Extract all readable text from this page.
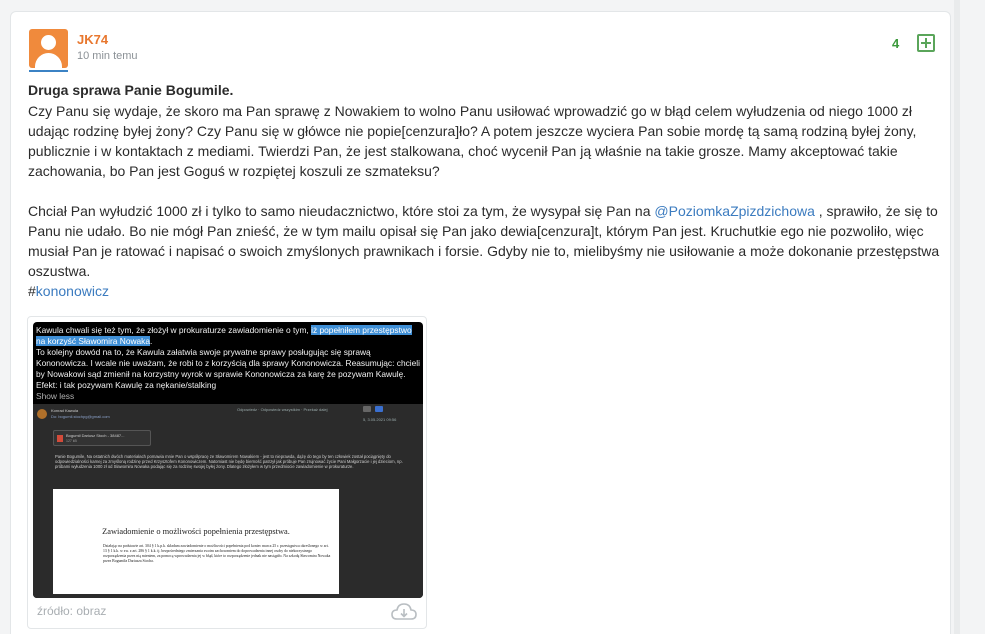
JK74
10 min temu
4
Druga sprawa Panie Bogumile.

Czy Panu się wydaje, że skoro ma Pan sprawę z Nowakiem to wolno Panu usiłować wprowadzić go w błąd celem wyłudzenia od niego 1000 zł udając rodzinę byłej żony? Czy Panu się w główce nie popie[cenzura]ło? A potem jeszcze wyciera Pan sobie mordę tą samą rodziną byłej żony, publicznie i w kontaktach z mediami. Twierdzi Pan, że jest stalkowana, choć wycenił Pan ją właśnie na takie grosze. Mamy akceptować takie zachowania, bo Pan jest Goguś w rozpiętej koszuli ze szmateksu?

Chciał Pan wyłudzić 1000 zł i tylko to samo nieudacznictwo, które stoi za tym, że wysypał się Pan na @PoziomkaZpizdzichowa , sprawiło, że się to Panu nie udało. Bo nie mógł Pan znieść, że w tym mailu opisał się Pan jako dewia[cenzura]t, którym Pan jest. Kruchutkie ego nie pozwoliło, więc musiał Pan je ratować i napisać o swoich zmyślonych prawnikach i forsie. Gdyby nie to, mielibyśmy nie usiłowanie a może dokonanie przestępstwa oszustwa.

#kononowicz

Kawula chwali się też tym, że złożył w prokuraturze zawiadomienie o tym, iż popełniłem przestępstwo na korzyść Sławomira Nowaka.
To kolejny dowód na to, że Kawula załatwia swoje prywatne sprawy posługując się sprawą Kononowicza. I wcale nie uważam, że robi to z korzyścią dla sprawy Kononowicza. Reasumując: chcieli by Nowakowi sąd zmienił na korzystny wyrok w sprawie Kononowicza za karę że pozywam Kawulę. Efekt: i tak pozywam Kawulę za nękanie/stalking
Show less
Konrad Kawula
Do: bogumil.stochpg@gmail.com
Odpowiedz · Odpowiedz wszystkim · Przekaż dalej
5, 3.05.2021 09:56
Bogumił Dariusz Stoch - 38487...
127 kB
Panie Bogumile, Na ostatnich dwóch materiałach pomawia mnie Pan o współpracę ze Sławomirem Nowakiem - jest to nieprawda, dążę do tego by ten człowiek został pociągnięty do odpowiedzialności karnej za zmyśloną rodzinę przed Krzysztofem Kononowiczem. Natomiast nie będę bierność patrzył jak próbuje Pan zrujnować życie Pani Małgorzacie i jej dzieciom, np. próbami wyłudzenia 1000 zł od Sławomira Nowaka podając się za rodzinę swojej byłej żony. Dlatego złożyłem w tym przedmiocie zawiadomienie w prokuraturze.
Zawiadomienie o możliwości popełnienia przestępstwa.
Działając na podstawie art. 304 § 1 k.p.k. składam zawiadomienie o możliwości popełnienia pod koniec marca 25 r. przestępstwa określonego w art. 13 § 1 k.k. w zw. z art. 286 § 1 k.k. tj. bezpośredniego zmierzania swoim zachowaniem do doprowadzenia innej osoby do niekorzystnego rozporządzenia przez nią mieniem, za pomocą wprowadzenia jej w błąd, które to rozporządzenie jednak nie nastąpiło. Na szkodę Sławomira Nowaka przez Bogumiła Dariusza Stocha.
źródło: obraz
